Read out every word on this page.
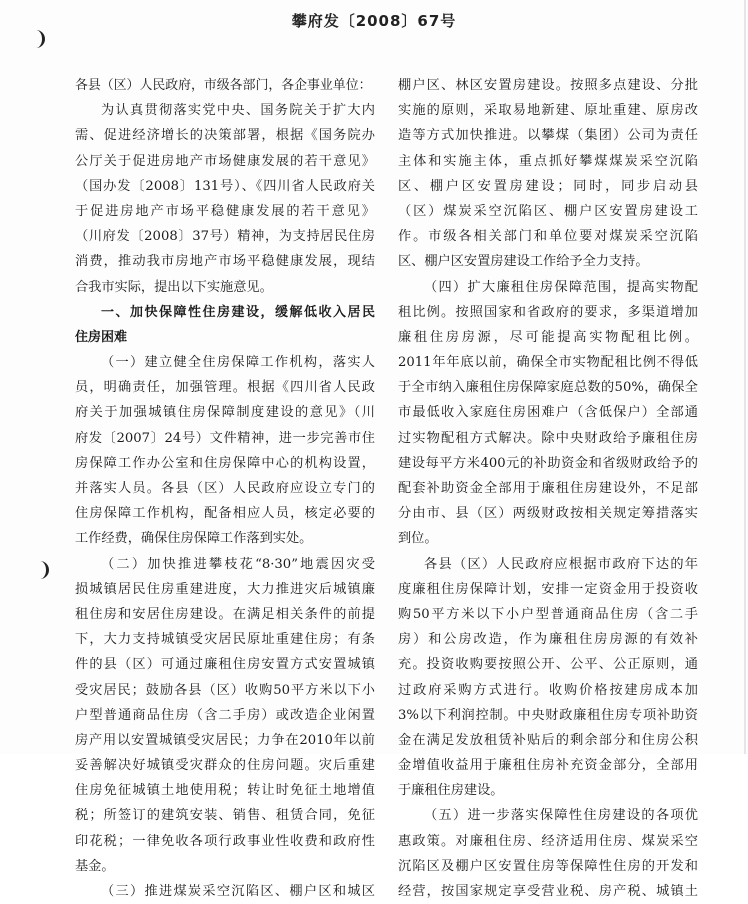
攀府发〔2008〕67号
各县（区）人民政府，市级各部门，各企事业单位：
为认真贯彻落实党中央、国务院关于扩大内
需、促进经济增长的决策部署，根据《国务院办
公厅关于促进房地产市场健康发展的若干意见》
（国办发〔2008〕131号）、《四川省人民政府关
于促进房地产市场平稳健康发展的若干意见》
（川府发〔2008〕37号）精神，为支持居民住房
消费，推动我市房地产市场平稳健康发展，现结
合我市实际，提出以下实施意见。
一、加快保障性住房建设，缓解低收入居民
住房困难
（一）建立健全住房保障工作机构，落实人
员，明确责任，加强管理。根据《四川省人民政
府关于加强城镇住房保障制度建设的意见》（川
府发〔2007〕24号）文件精神，进一步完善市住
房保障工作办公室和住房保障中心的机构设置，
并落实人员。各县（区）人民政府应设立专门的
住房保障工作机构，配备相应人员，核定必要的
工作经费，确保住房保障工作落到实处。
（二）加快推进攀枝花“8·30”地震因灾受
损城镇居民住房重建进度，大力推进灾后城镇廉
租住房和安居住房建设。在满足相关条件的前提
下，大力支持城镇受灾居民原址重建住房；有条
件的县（区）可通过廉租住房安置方式安置城镇
受灾居民；鼓励各县（区）收购50平方米以下小
户型普通商品住房（含二手房）或改造企业闲置
房产用以安置城镇受灾居民；力争在2010年以前
妥善解决好城镇受灾群众的住房问题。灾后重建
住房免征城镇土地使用税；转让时免征土地增值
税；所签订的建筑安装、销售、租赁合同，免征
印花税；一律免收各项行政事业性收费和政府性
基金。
（三）推进煤炭采空沉陷区、棚户区和城区
棚户区、林区安置房建设。按照多点建设、分批
实施的原则，采取易地新建、原址重建、原房改
造等方式加快推进。以攀煤（集团）公司为责任
主体和实施主体，重点抓好攀煤煤炭采空沉陷
区、棚户区安置房建设；同时，同步启动县
（区）煤炭采空沉陷区、棚户区安置房建设工
作。市级各相关部门和单位要对煤炭采空沉陷
区、棚户区安置房建设工作给予全力支持。
（四）扩大廉租住房保障范围，提高实物配
租比例。按照国家和省政府的要求，多渠道增加
廉租住房房源，尽可能提高实物配租比例。
2011年年底以前，确保全市实物配租比例不得低
于全市纳入廉租住房保障家庭总数的50%，确保全
市最低收入家庭住房困难户（含低保户）全部通
过实物配租方式解决。除中央财政给予廉租住房
建设每平方米400元的补助资金和省级财政给予的
配套补助资金全部用于廉租住房建设外，不足部
分由市、县（区）两级财政按相关规定筹措落实
到位。
各县（区）人民政府应根据市政府下达的年
度廉租住房保障计划，安排一定资金用于投资收
购50平方米以下小户型普通商品住房（含二手
房）和公房改造，作为廉租住房房源的有效补
充。投资收购要按照公开、公平、公正原则，通
过政府采购方式进行。收购价格按建房成本加
3%以下利润控制。中央财政廉租住房专项补助资
金在满足发放租赁补贴后的剩余部分和住房公积
金增值收益用于廉租住房补充资金部分，全部用
于廉租住房建设。
（五）进一步落实保障性住房建设的各项优
惠政策。对廉租住房、经济适用住房、煤炭采空
沉陷区及棚户区安置住房等保障性住房的开发和
经营，按国家规定享受营业税、房产税、城镇土
